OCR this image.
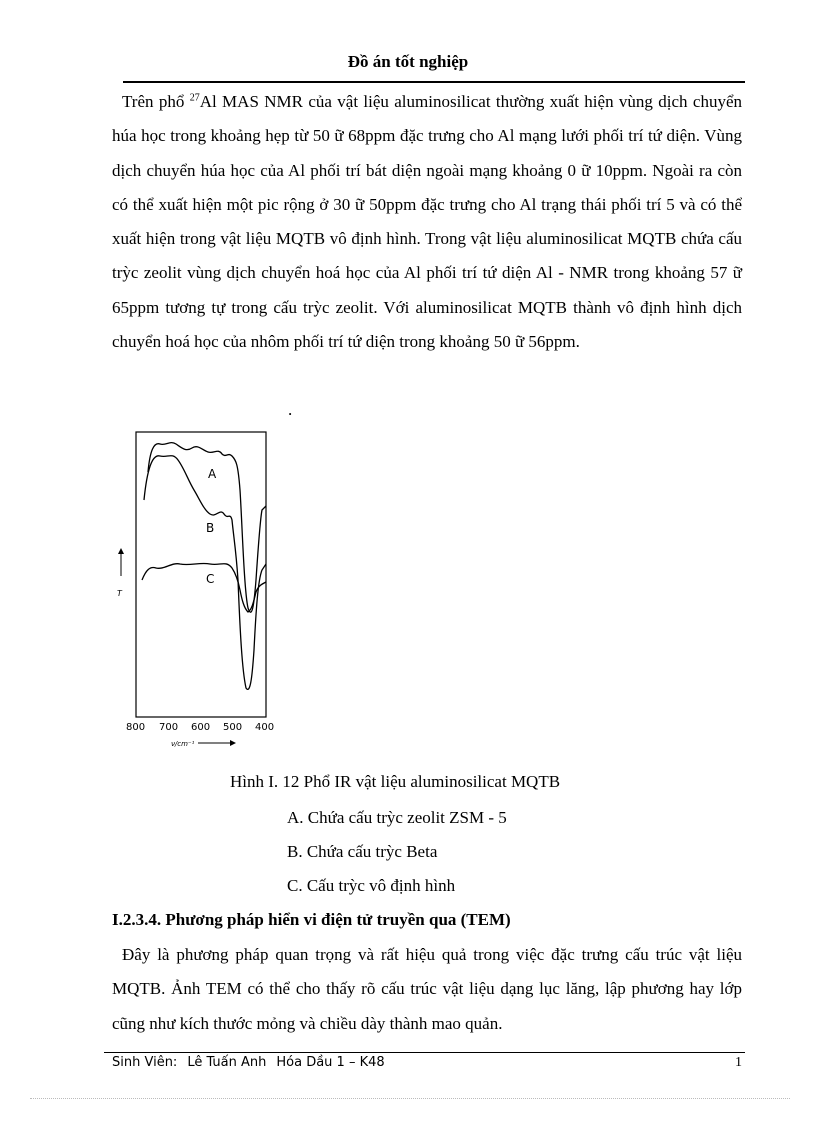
Đồ án tốt nghiệp
Trên phổ $^{27}$Al MAS NMR của vật liệu aluminosilicat thường xuất hiện vùng dịch chuyển húa học trong khoảng hẹp từ 50 ữ 68ppm đặc trưng cho Al mạng lưới phối trí tứ diện. Vùng dịch chuyển húa học của Al phối trí bát diện ngoài mạng khoảng 0 ữ 10ppm. Ngoài ra còn có thể xuất hiện một pic rộng ở 30 ữ 50ppm đặc trưng cho Al trạng thái phối trí 5 và có thể xuất hiện trong vật liệu MQTB vô định hình. Trong vật liệu aluminosilicat MQTB chứa cấu trỳc zeolit vùng dịch chuyển hoá học của Al phối trí tứ diện Al - NMR trong khoảng 57 ữ 65ppm tương tự trong cấu trỳc zeolit. Với aluminosilicat MQTB thành vô định hình dịch chuyển hoá học của nhôm phối trí tứ diện trong khoảng 50 ữ 56ppm.
.
A
B
C
T
800 700 600 500 400
ν/cm⁻¹
Hình I. 12 Phổ IR vật liệu aluminosilicat MQTB
A. Chứa cấu trỳc zeolit ZSM - 5
B. Chứa cấu trỳc Beta
C. Cấu trỳc vô định hình
I.2.3.4. Phương pháp hiển vi điện tử truyền qua (TEM)
Đây là phương pháp quan trọng và rất hiệu quả trong việc đặc trưng cấu trúc vật liệu MQTB. Ảnh TEM có thể cho thấy rõ cấu trúc vật liệu dạng lục lăng, lập phương hay lớp cũng như kích thước mỏng và chiều dày thành mao quản.
Sinh Viên: Lê Tuấn Anh Hóa Dầu 1 – K48	1
